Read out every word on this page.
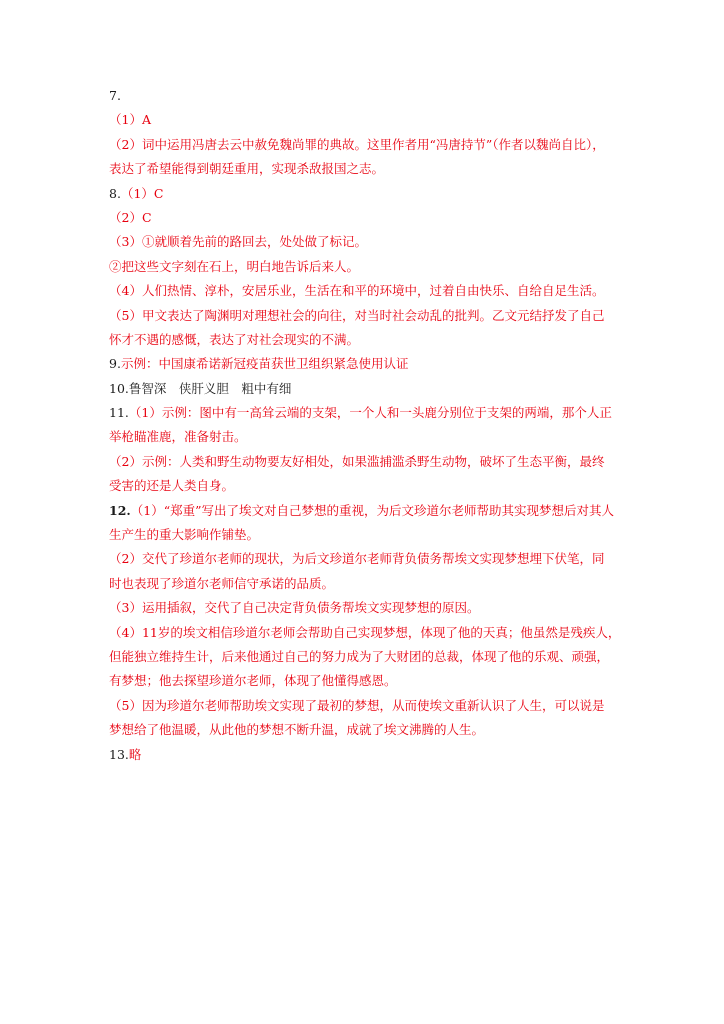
7.
（1）A
（2）词中运用冯唐去云中赦免魏尚罪的典故。这里作者用“冯唐持节”（作者以魏尚自比），
表达了希望能得到朝廷重用，实现杀敌报国之志。
8.（1）C
（2）C
（3）①就顺着先前的路回去，处处做了标记。
②把这些文字刻在石上，明白地告诉后来人。
（4）人们热情、淳朴，安居乐业，生活在和平的环境中，过着自由快乐、自给自足生活。
（5）甲文表达了陶渊明对理想社会的向往，对当时社会动乱的批判。乙文元结抒发了自己
怀才不遇的感慨，表达了对社会现实的不满。
9.示例：中国康希诺新冠疫苗获世卫组织紧急使用认证
10.鲁智深　侠肝义胆　粗中有细
11.（1）示例：图中有一高耸云端的支架，一个人和一头鹿分别位于支架的两端，那个人正
举枪瞄准鹿，准备射击。
（2）示例：人类和野生动物要友好相处，如果滥捕滥杀野生动物，破坏了生态平衡，最终
受害的还是人类自身。
12.（1）“郑重”写出了埃文对自己梦想的重视，为后文珍道尔老师帮助其实现梦想后对其人
生产生的重大影响作铺垫。
（2）交代了珍道尔老师的现状，为后文珍道尔老师背负债务帮埃文实现梦想埋下伏笔，同
时也表现了珍道尔老师信守承诺的品质。
（3）运用插叙，交代了自己决定背负债务帮埃文实现梦想的原因。
（4）11岁的埃文相信珍道尔老师会帮助自己实现梦想，体现了他的天真；他虽然是残疾人，
但能独立维持生计，后来他通过自己的努力成为了大财团的总裁，体现了他的乐观、顽强，
有梦想；他去探望珍道尔老师，体现了他懂得感恩。
（5）因为珍道尔老师帮助埃文实现了最初的梦想，从而使埃文重新认识了人生，可以说是
梦想给了他温暖，从此他的梦想不断升温，成就了埃文沸腾的人生。
13.略
